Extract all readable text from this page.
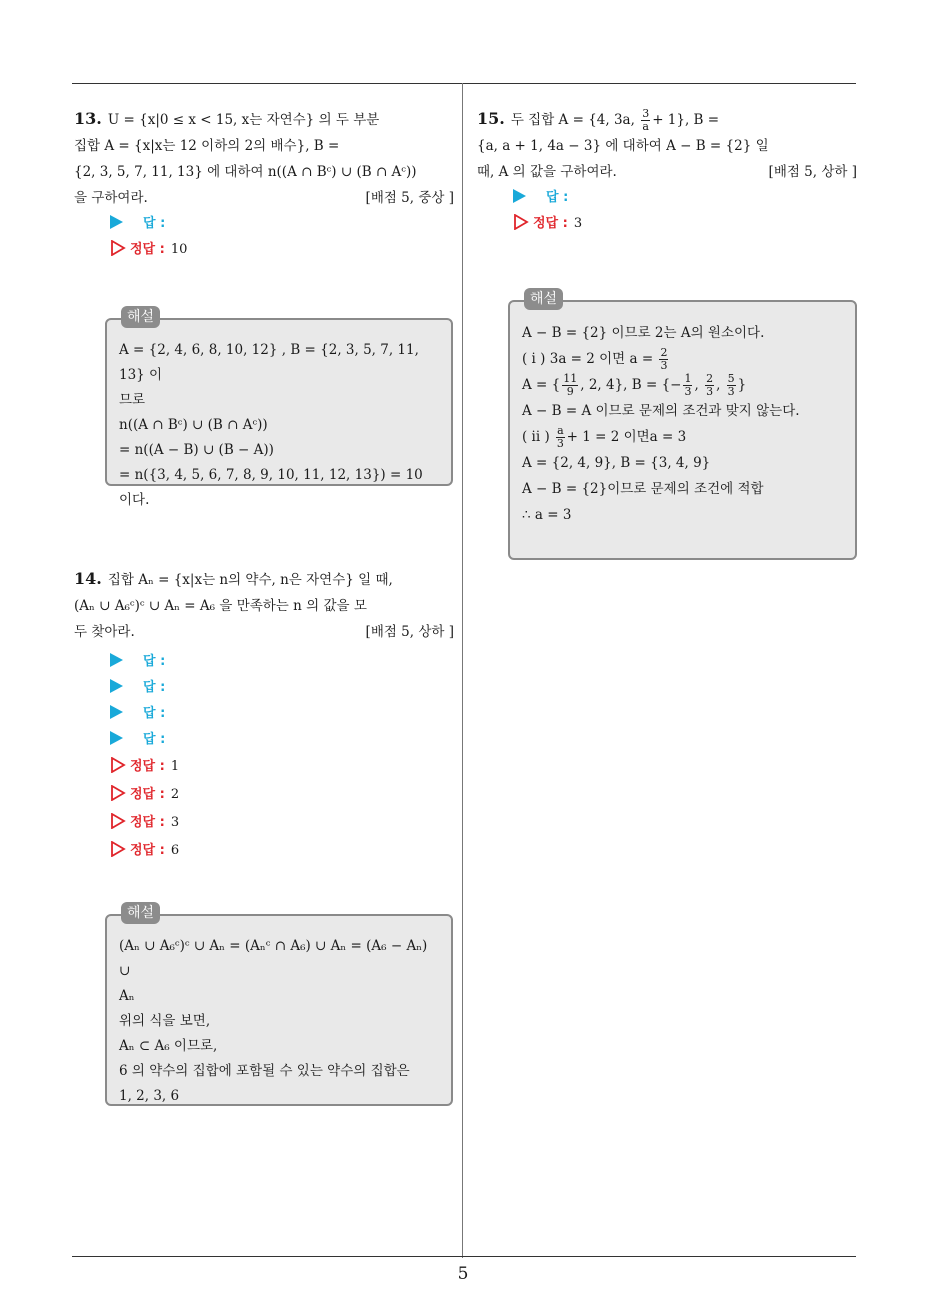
5
13. U = {x|0 ≤ x < 15, x는 자연수} 의 두 부분
집합 A = {x|x는 12 이하의 2의 배수}, B =
{2, 3, 5, 7, 11, 13} 에 대하여 n((A ∩ Bᶜ) ∪ (B ∩ Aᶜ))
을 구하여라.	[배점 5, 중상 ]
답 :
정답 : 10
해설
A = {2, 4, 6, 8, 10, 12} , B = {2, 3, 5, 7, 11, 13} 이
므로
n((A ∩ Bᶜ) ∪ (B ∩ Aᶜ))
= n((A − B) ∪ (B − A))
= n({3, 4, 5, 6, 7, 8, 9, 10, 11, 12, 13}) = 10 이다.
14. 집합 Aₙ = {x|x는 n의 약수, n은 자연수} 일 때,
(Aₙ ∪ A₆ᶜ)ᶜ ∪ Aₙ = A₆ 을 만족하는 n 의 값을 모
두 찾아라.	[배점 5, 상하 ]
답 :
답 :
답 :
답 :
정답 : 1
정답 : 2
정답 : 3
정답 : 6
해설
(Aₙ ∪ A₆ᶜ)ᶜ ∪ Aₙ = (Aₙᶜ ∩ A₆) ∪ Aₙ = (A₆ − Aₙ) ∪
Aₙ
위의 식을 보면,
Aₙ ⊂ A₆ 이므로,
6 의 약수의 집합에 포함될 수 있는 약수의 집합은
1, 2, 3, 6
15. 두 집합 A = {4, 3a, $\frac{3}{a} + 1$}, B =
{a, a + 1, 4a − 3} 에 대하여 A − B = {2} 일
때, A 의 값을 구하여라.	[배점 5, 상하 ]
답 :
정답 : 3
해설
A − B = {2} 이므로 2는 A의 원소이다.
( i ) 3a = 2 이면 $a = \frac{2}{3}$
A = { $\frac{11}{9}$ , 2, 4}, B = {− $\frac{1}{3}$ , $\frac{2}{3}$ , $\frac{5}{3}$ }
A − B = A 이므로 문제의 조건과 맞지 않는다.
( ii ) $\frac{a}{3} + 1 = 2$ 이면a = 3
A = {2, 4, 9}, B = {3, 4, 9}
A − B = {2}이므로 문제의 조건에 적합
∴ a = 3
